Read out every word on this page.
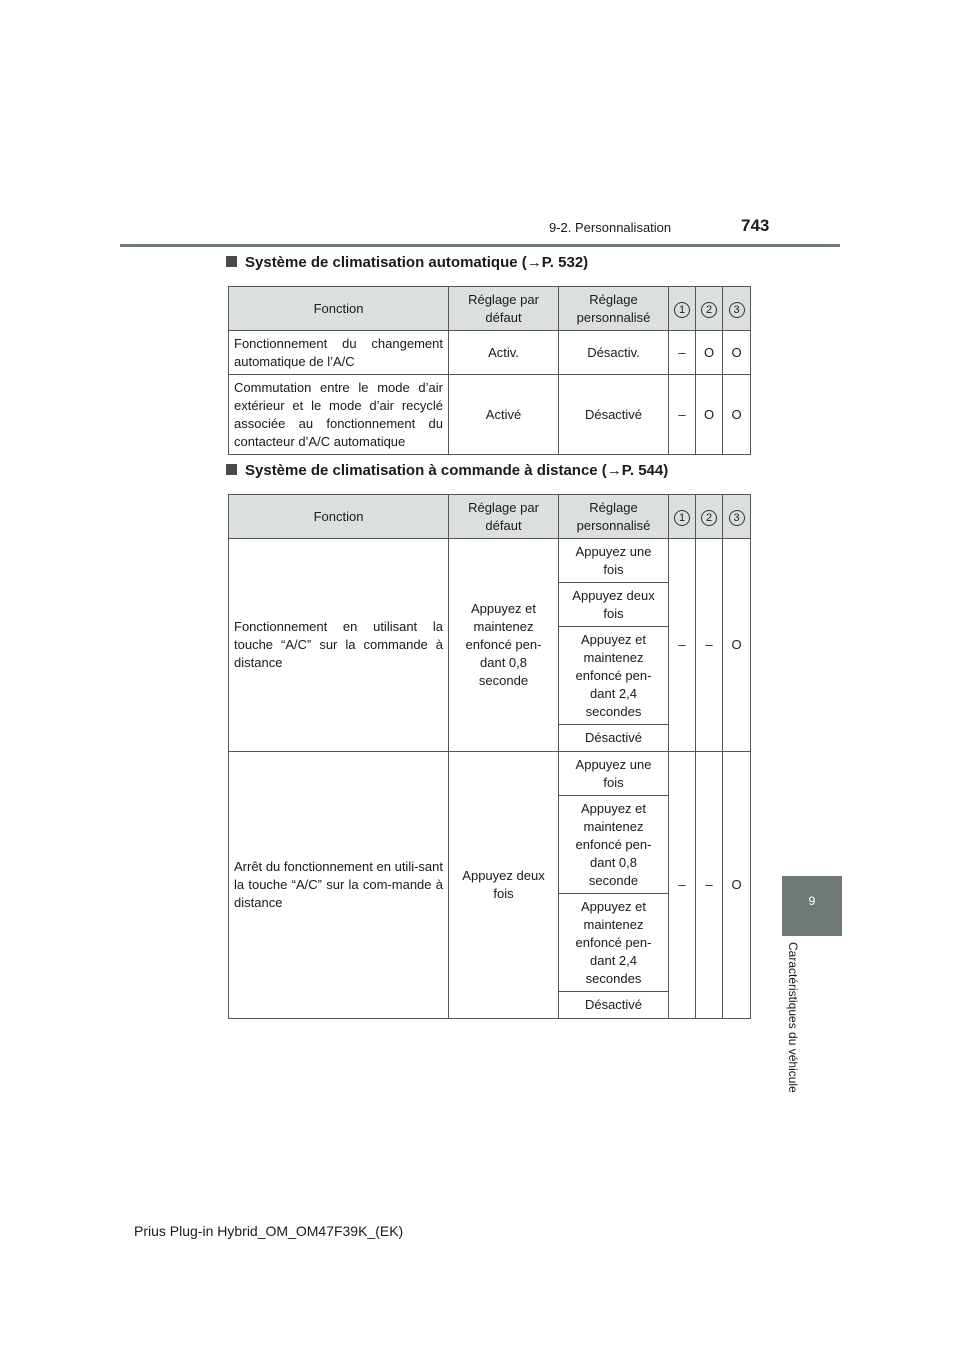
9-2. Personnalisation	743
9
Caractéristiques du véhicule
Système de climatisation automatique (→P. 532)
Fonction	Réglage par défaut	Réglage personnalisé	1	2	3
Fonctionnement du changement automatique de l’A/C	Activ.	Désactiv.	–	O	O
Commutation entre le mode d’air extérieur et le mode d’air recyclé associée au fonctionnement du contacteur d’A/C automatique	Activé	Désactivé	–	O	O
Système de climatisation à commande à distance (→P. 544)
Fonction	Réglage par défaut	Réglage personnalisé	1	2	3
Fonctionnement en utilisant la touche “A/C” sur la commande à distance	Appuyez et maintenez enfoncé pen-dant 0,8 seconde	Appuyez une fois	–	–	O
		Appuyez deux fois			
		Appuyez et maintenez enfoncé pen-dant 2,4 secondes			
		Désactivé			
Arrêt du fonctionnement en utili-sant la touche “A/C” sur la com-mande à distance	Appuyez deux fois	Appuyez une fois	–	–	O
		Appuyez et maintenez enfoncé pen-dant 0,8 seconde			
		Appuyez et maintenez enfoncé pen-dant 2,4 secondes			
		Désactivé			
Prius Plug-in Hybrid_OM_OM47F39K_(EK)
